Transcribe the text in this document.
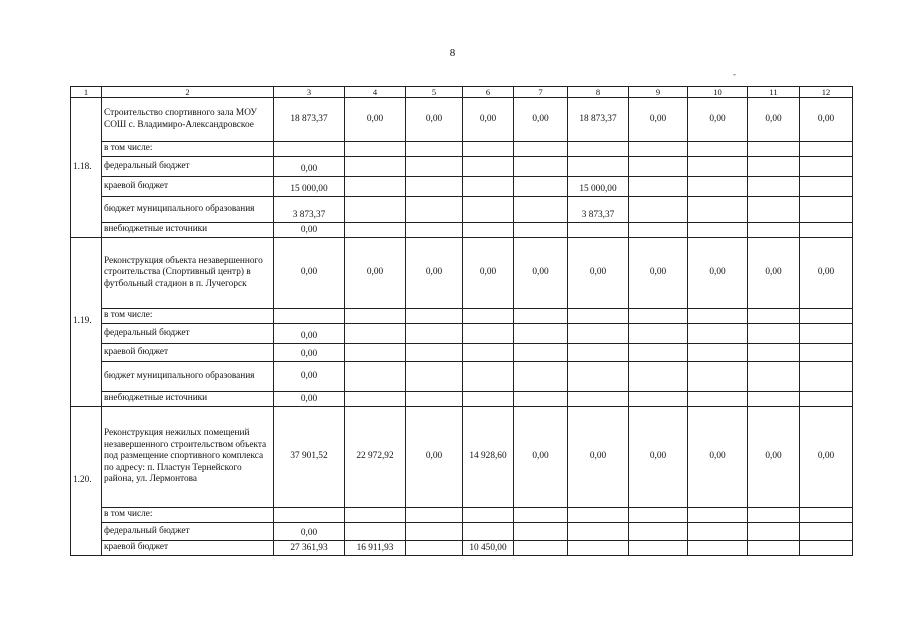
8
-
1	2	3	4	5	6	7	8	9	10	11	12
1.18.	Строительство спортивного зала МОУ СОШ с. Владимиро-Александровское	18 873,37	0,00	0,00	0,00	0,00	18 873,37	0,00	0,00	0,00	0,00
	в том числе:										
	федеральный бюджет	0,00									
	краевой бюджет	15 000,00					15 000,00				
	бюджет муниципального образования	3 873,37					3 873,37				
	внебюджетные источники	0,00									
1.19.	Реконструкция объекта незавершенного строительства (Спортивный центр) в футбольный стадион в п. Лучегорск	0,00	0,00	0,00	0,00	0,00	0,00	0,00	0,00	0,00	0,00
	в том числе:										
	федеральный бюджет	0,00									
	краевой бюджет	0,00									
	бюджет муниципального образования	0,00									
	внебюджетные источники	0,00									
1.20.	Реконструкция нежилых помещений незавершенного строительством объекта под размещение спортивного комплекса по адресу: п. Пластун Тернейского района, ул. Лермонтова	37 901,52	22 972,92	0,00	14 928,60	0,00	0,00	0,00	0,00	0,00	0,00
	в том числе:										
	федеральный бюджет	0,00									
	краевой бюджет	27 361,93	16 911,93		10 450,00						
